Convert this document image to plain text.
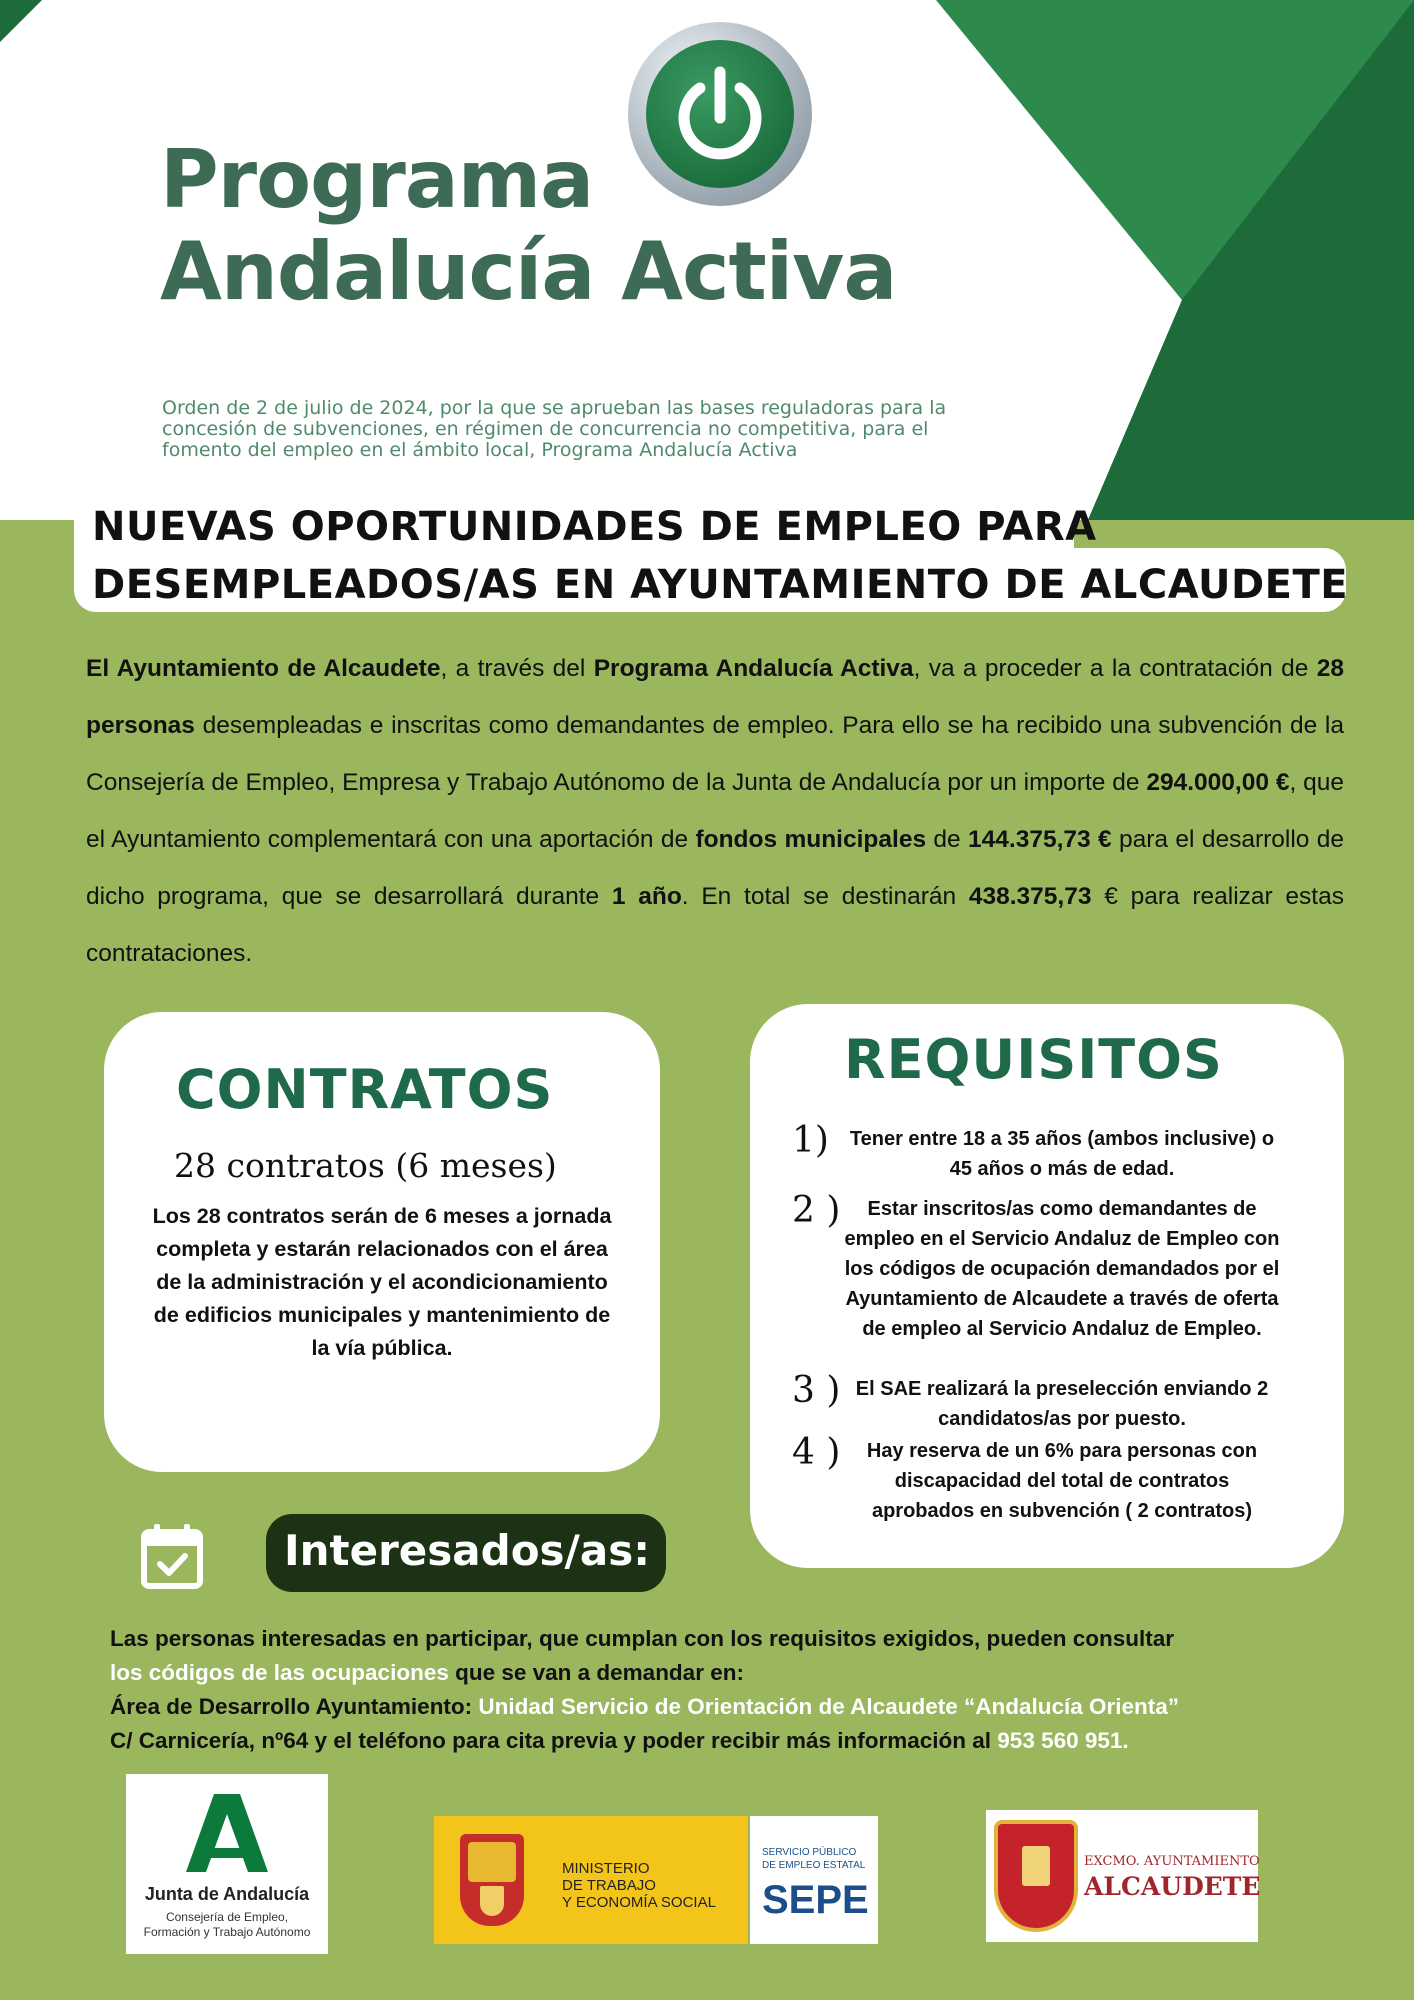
Programa
Andalucía Activa
Orden de 2 de julio de 2024, por la que se aprueban las bases reguladoras para la
concesión de subvenciones, en régimen de concurrencia no competitiva, para el
fomento del empleo en el ámbito local, Programa Andalucía Activa
NUEVAS OPORTUNIDADES DE EMPLEO PARA
DESEMPLEADOS/AS EN AYUNTAMIENTO DE ALCAUDETE
El Ayuntamiento de Alcaudete, a través del Programa Andalucía Activa, va a proceder a la contratación de 28 personas desempleadas e inscritas como demandantes de empleo. Para ello se ha recibido una subvención de la Consejería de Empleo, Empresa y Trabajo Autónomo de la Junta de Andalucía por un importe de 294.000,00 €, que el Ayuntamiento complementará con una aportación de fondos municipales de 144.375,73 € para el desarrollo de dicho programa, que se desarrollará durante 1 año. En total se destinarán 438.375,73 € para realizar estas contrataciones.
CONTRATOS
28 contratos (6 meses)
Los 28 contratos serán de 6 meses a jornada completa y estarán relacionados con el área de la administración y el acondicionamiento de edificios municipales y mantenimiento de la vía pública.
REQUISITOS
1)	Tener entre 18 a 35 años (ambos inclusive) o 45 años o más de edad.
2 )	Estar inscritos/as como demandantes de empleo en el Servicio Andaluz de Empleo con los códigos de ocupación demandados por el Ayuntamiento de Alcaudete a través de oferta de empleo al Servicio Andaluz de Empleo.
3 ) El SAE realizará la preselección enviando 2 candidatos/as por puesto.
4 )	Hay reserva de un 6% para personas con discapacidad del total de contratos aprobados en subvención ( 2 contratos)
Interesados/as:
Las personas interesadas en participar, que cumplan con los requisitos exigidos, pueden consultar
los códigos de las ocupaciones que se van a demandar en:
Área de Desarrollo Ayuntamiento: Unidad Servicio de Orientación de Alcaudete “Andalucía Orienta”
C/ Carnicería, nº64 y el teléfono para cita previa y poder recibir más información al 953 560 951.
Junta de Andalucía
Consejería de Empleo,
Formación y Trabajo Autónomo
MINISTERIO
DE TRABAJO
Y ECONOMÍA SOCIAL
SERVICIO PÚBLICO
DE EMPLEO ESTATAL
SEPE
EXCMO. AYUNTAMIENTO
ALCAUDETE
